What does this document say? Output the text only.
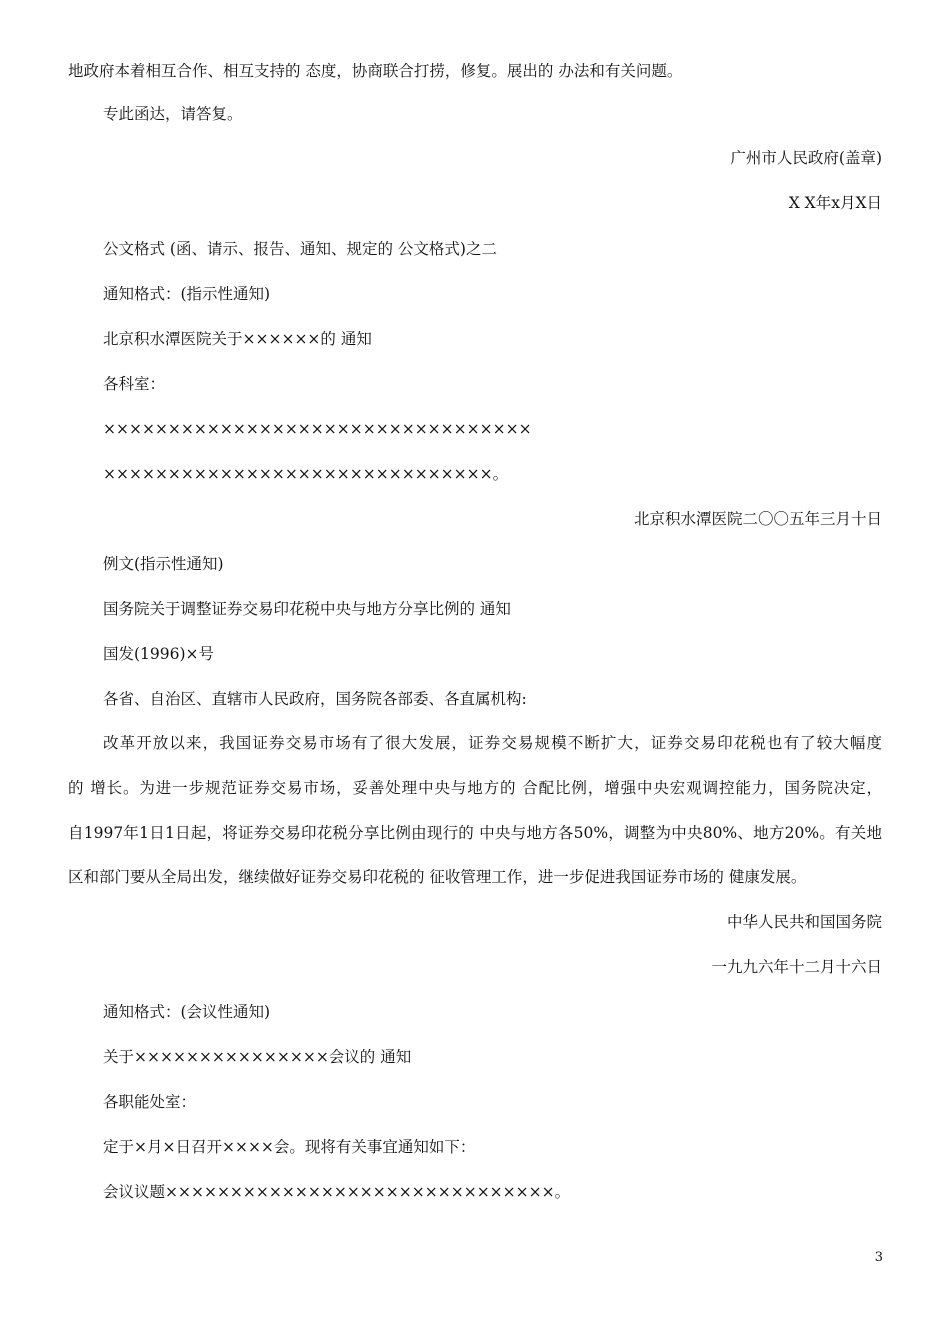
地政府本着相互合作、相互支持的 态度，协商联合打捞，修复。展出的 办法和有关问题。

专此函达，请答复。

广州市人民政府(盖章)

X X年x月X日

公文格式 (函、请示、报告、通知、规定的 公文格式)之二

通知格式：(指示性通知)

北京积水潭医院关于××××××的 通知

各科室：

×××××××××××××××××××××××××××××××××

××××××××××××××××××××××××××××××。

北京积水潭医院二〇〇五年三月十日

例文(指示性通知)

国务院关于调整证券交易印花税中央与地方分享比例的 通知

国发(1996)×号

各省、自治区、直辖市人民政府，国务院各部委、各直属机构:

改革开放以来，我国证券交易市场有了很大发展，证券交易规模不断扩大，证券交易印花税也有了较大幅度

的 增长。为进一步规范证券交易市场，妥善处理中央与地方的 合配比例，增强中央宏观调控能力，国务院决定，

自1997年1日1日起，将证券交易印花税分享比例由现行的 中央与地方各50%，调整为中央80%、地方20%。有关地

区和部门要从全局出发，继续做好证券交易印花税的 征收管理工作，进一步促进我国证券市场的 健康发展。

中华人民共和国国务院

一九九六年十二月十六日

通知格式：(会议性通知)

关于×××××××××××××××会议的 通知

各职能处室：

定于×月×日召开××××会。现将有关事宜通知如下：

会议议题××××××××××××××××××××××××××××××。

3
